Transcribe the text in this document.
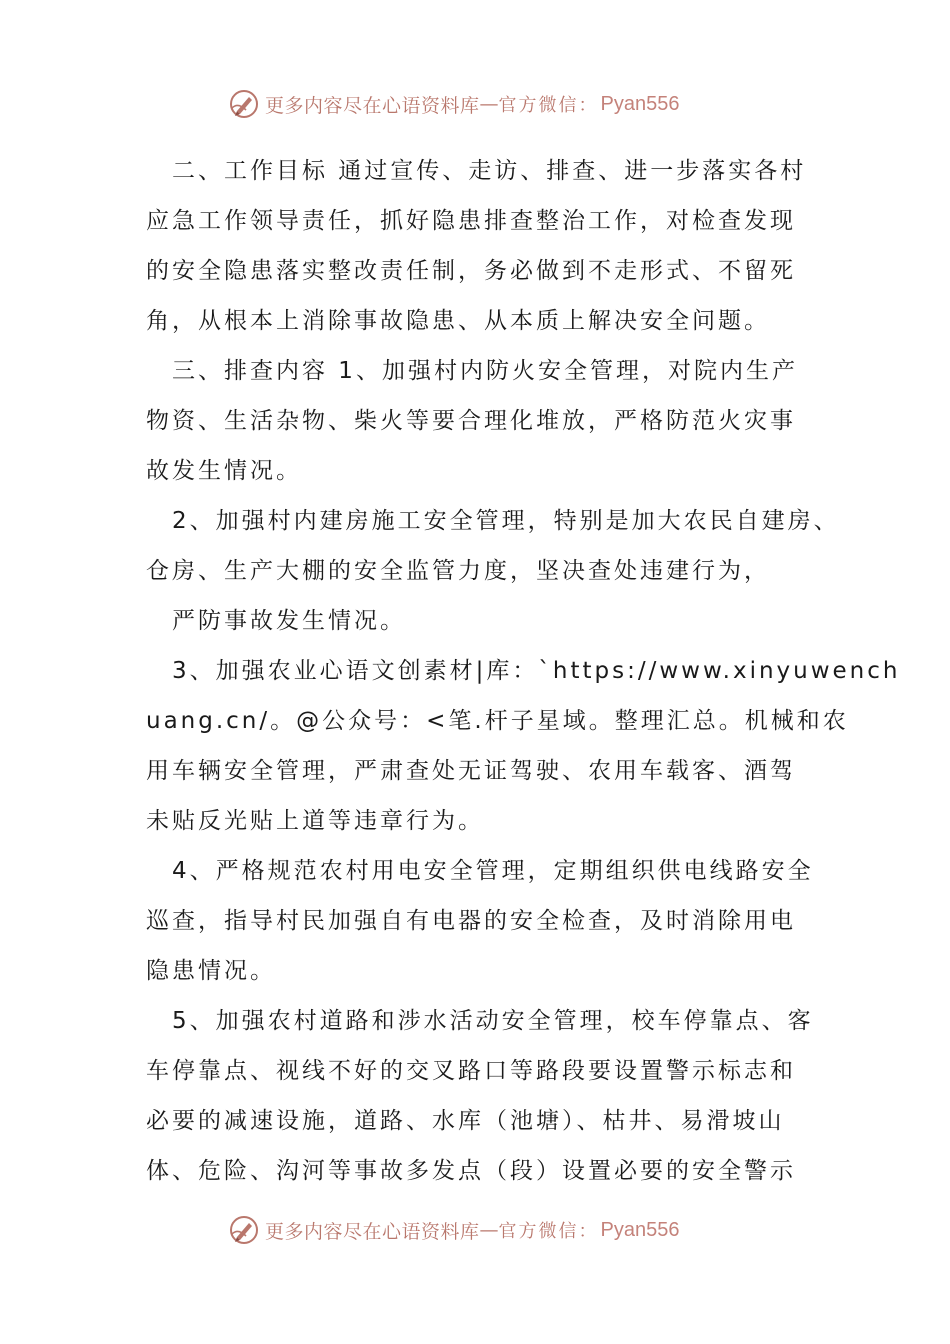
更多内容尽在心语资料库 — 官方微信： Pyan556
二、工作目标 通过宣传、走访、排查、进一步落实各村
应急工作领导责任，抓好隐患排查整治工作，对检查发现
的安全隐患落实整改责任制，务必做到不走形式、不留死
角，从根本上消除事故隐患、从本质上解决安全问题。
三、排查内容 1、加强村内防火安全管理，对院内生产
物资、生活杂物、柴火等要合理化堆放，严格防范火灾事
故发生情况。
2、加强村内建房施工安全管理，特别是加大农民自建房、
仓房、生产大棚的安全监管力度，坚决查处违建行为，
严防事故发生情况。
3、加强农业心语文创素材|库：`https://www.xinyuwench
uang.cn/。@公众号：<笔.杆子星域。整理汇总。机械和农
用车辆安全管理，严肃查处无证驾驶、农用车载客、酒驾
未贴反光贴上道等违章行为。
4、严格规范农村用电安全管理，定期组织供电线路安全
巡查，指导村民加强自有电器的安全检查，及时消除用电
隐患情况。
5、加强农村道路和涉水活动安全管理，校车停靠点、客
车停靠点、视线不好的交叉路口等路段要设置警示标志和
必要的减速设施，道路、水库（池塘）、枯井、易滑坡山
体、危险、沟河等事故多发点（段）设置必要的安全警示
更多内容尽在心语资料库 — 官方微信： Pyan556
